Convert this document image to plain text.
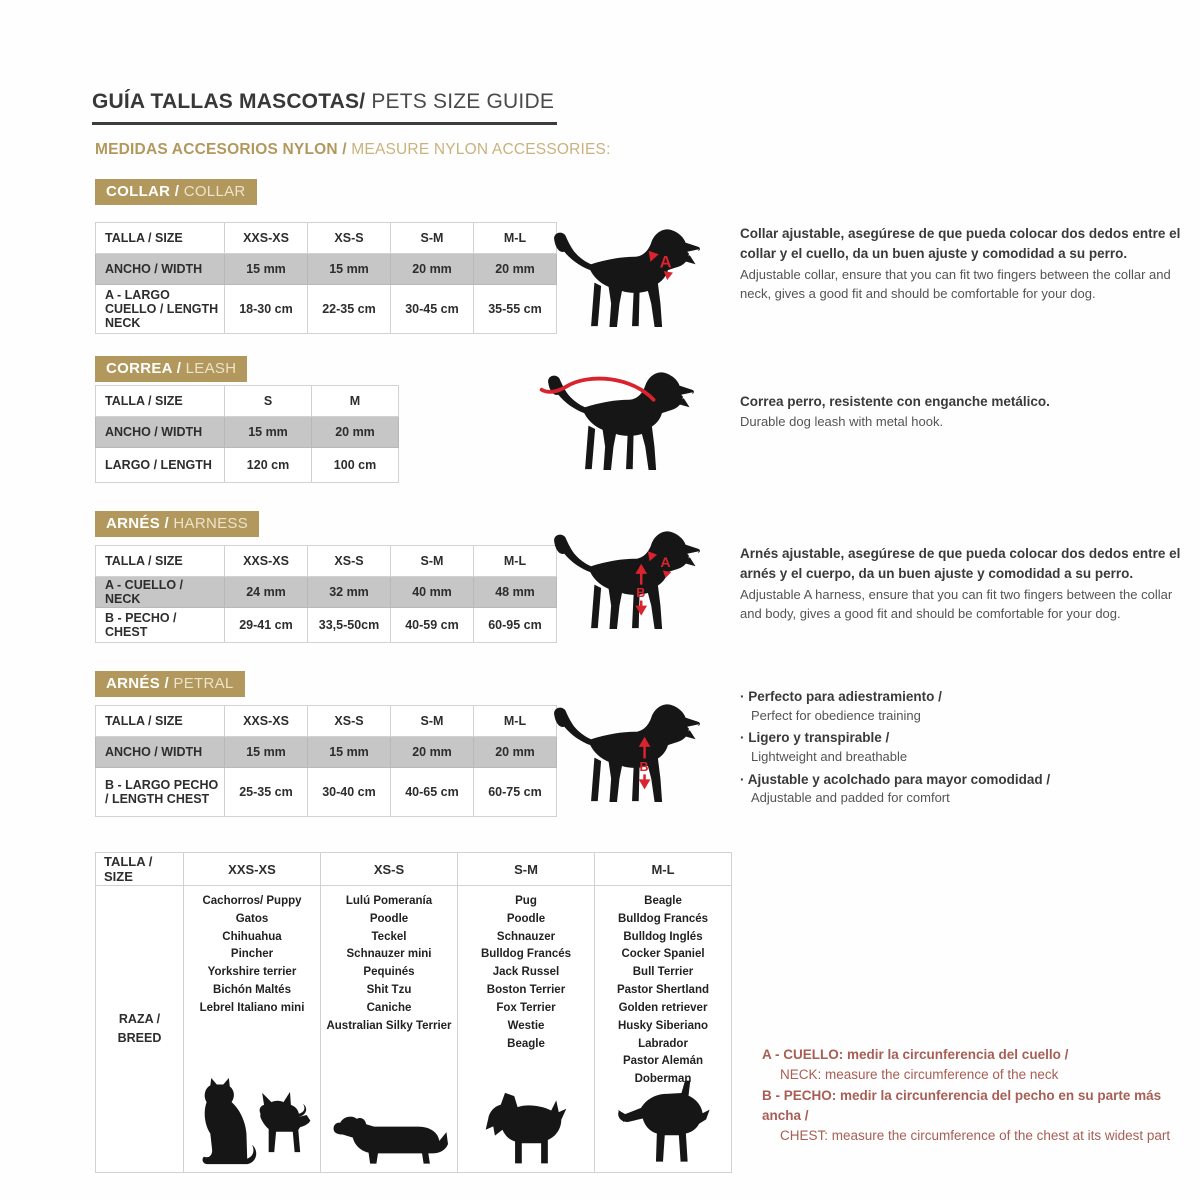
GUÍA TALLAS MASCOTAS/ PETS SIZE GUIDE
MEDIDAS ACCESORIOS NYLON / MEASURE NYLON ACCESSORIES:
COLLAR / COLLAR
TALLA / SIZE	XXS-XS	XS-S	S-M	M-L
ANCHO / WIDTH	15 mm	15 mm	20 mm	20 mm
A - LARGO CUELLO / LENGTH NECK	18-30 cm	22-35 cm	30-45 cm	35-55 cm
A
Collar ajustable, asegúrese de que pueda colocar dos dedos entre el collar y el cuello, da un buen ajuste y comodidad a su perro.
Adjustable collar, ensure that you can fit two fingers between the collar and neck, gives a good fit and should be comfortable for your dog.
CORREA / LEASH
TALLA / SIZE	S	M
ANCHO / WIDTH	15 mm	20 mm
LARGO / LENGTH	120 cm	100 cm
Correa perro, resistente con enganche metálico.
Durable dog leash with metal hook.
ARNÉS / HARNESS
TALLA / SIZE	XXS-XS	XS-S	S-M	M-L
A - CUELLO / NECK	24 mm	32 mm	40 mm	48 mm
B - PECHO / CHEST	29-41 cm	33,5-50cm	40-59 cm	60-95 cm
A
B
Arnés ajustable, asegúrese de que pueda colocar dos dedos entre el arnés y el cuerpo, da un buen ajuste y comodidad a su perro.
Adjustable A harness, ensure that you can fit two fingers between the collar and body, gives a good fit and should be comfortable for your dog.
ARNÉS / PETRAL
TALLA / SIZE	XXS-XS	XS-S	S-M	M-L
ANCHO / WIDTH	15 mm	15 mm	20 mm	20 mm
B - LARGO PECHO / LENGTH CHEST	25-35 cm	30-40 cm	40-65 cm	60-75 cm
B
· Perfecto para adiestramiento /
Perfect for obedience training
· Ligero y transpirable /
Lightweight and breathable
· Ajustable y acolchado para mayor comodidad /
Adjustable and padded for comfort
TALLA / SIZE	XXS-XS	XS-S	S-M	M-L
RAZA / BREED	
Cachorros/ Puppy
Gatos
Chihuahua
Pincher
Yorkshire terrier
Bichón Maltés
Lebrel Italiano mini

Lulú Pomeranía
Poodle
Teckel
Schnauzer mini
Pequinés
Shit Tzu
Caniche
Australian Silky Terrier

Pug
Poodle
Schnauzer
Bulldog Francés
Jack Russel
Boston Terrier
Fox Terrier
Westie
Beagle

Beagle
Bulldog Francés
Bulldog Inglés
Cocker Spaniel
Bull Terrier
Pastor Shertland
Golden retriever
Husky Siberiano
Labrador
Pastor Alemán
Doberman
A - CUELLO: medir la circunferencia del cuello /
NECK: measure the circumference of the neck
B - PECHO: medir la circunferencia del pecho en su parte más ancha /
CHEST: measure the circumference of the chest at its widest part
